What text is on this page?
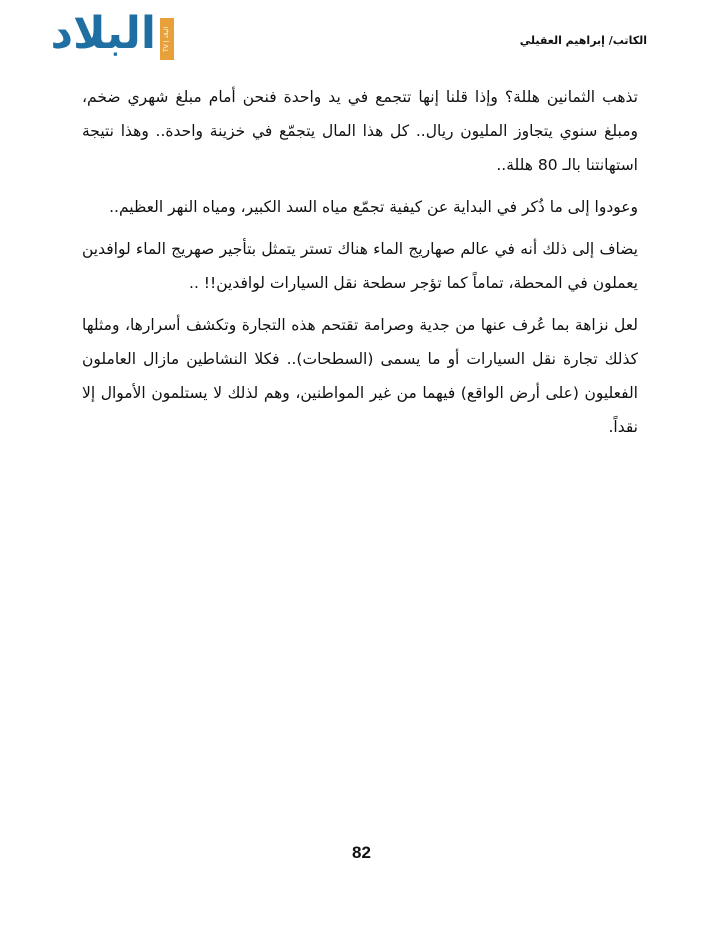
البلاد	TV | البلاد
الكاتب/ إبراهيم العقيلي

تذهب الثمانين هللة؟ وإذا قلنا إنها تتجمع في يد واحدة فنحن أمام مبلغ شهري ضخم، ومبلغ سنوي يتجاوز المليون ريال.. كل هذا المال يتجمّع في خزينة واحدة.. وهذا نتيجة استهانتنا بالـ 80 هللة..

وعودوا إلى ما ذُكر في البداية عن كيفية تجمّع مياه السد الكبير، ومياه النهر العظيم..

يضاف إلى ذلك أنه في عالم صهاريج الماء هناك تستر يتمثل بتأجير صهريج الماء لوافدين يعملون في المحطة، تماماً كما تؤجر سطحة نقل السيارات لوافدين!! ..

لعل نزاهة بما عُرف عنها من جدية وصرامة تقتحم هذه التجارة وتكشف أسرارها، ومثلها كذلك تجارة نقل السيارات أو ما يسمى (السطحات).. فكلا النشاطين مازال العاملون الفعليون (على أرض الواقع) فيهما من غير المواطنين، وهم لذلك لا يستلمون الأموال إلا نقداً.

82
